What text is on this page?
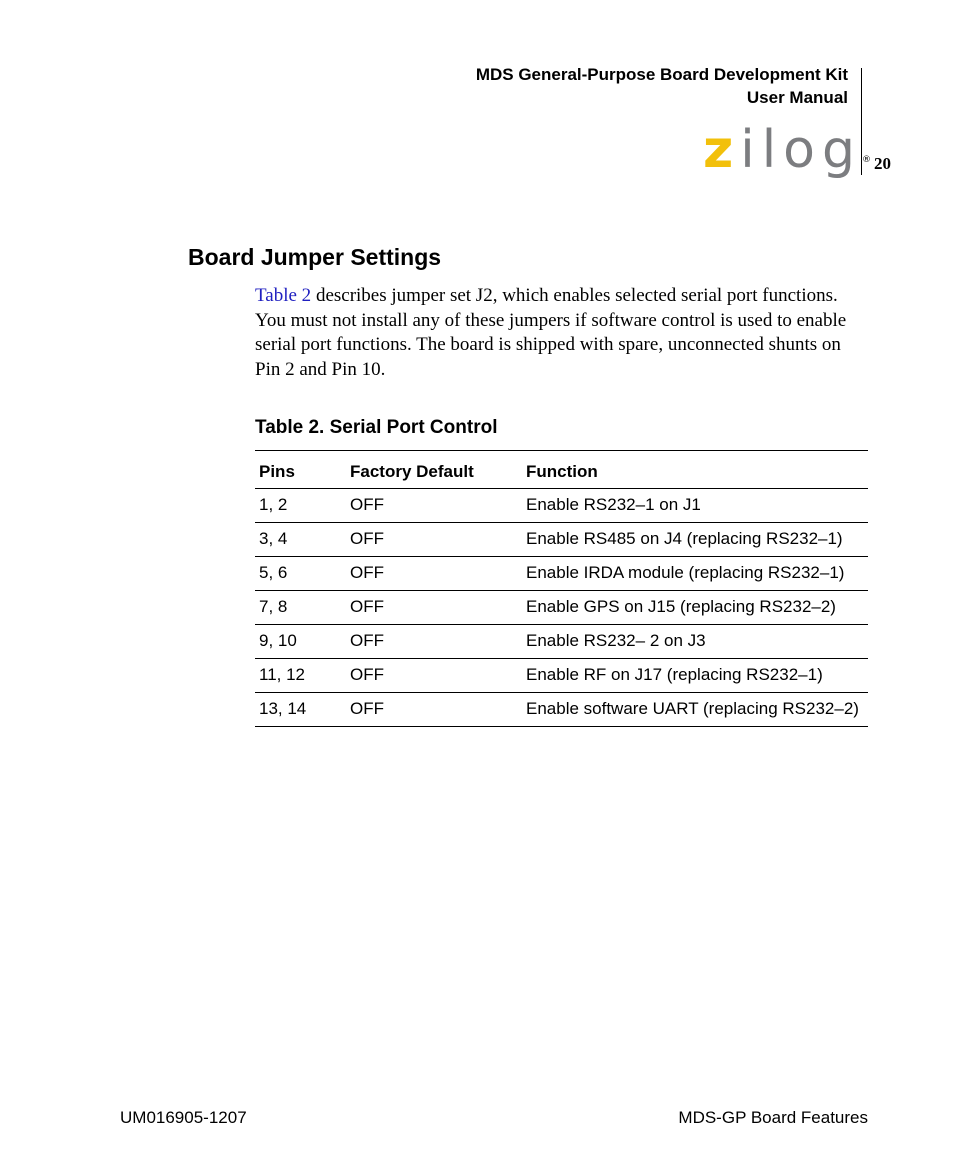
MDS General-Purpose Board Development Kit
User Manual
20
zilog®
Board Jumper Settings

Table 2 describes jumper set J2, which enables selected serial port functions. You must not install any of these jumpers if software control is used to enable serial port functions. The board is shipped with spare, unconnected shunts on Pin 2 and Pin 10.

Table 2. Serial Port Control

Pins	Factory Default	Function
1, 2	OFF	Enable RS232–1 on J1
3, 4	OFF	Enable RS485 on J4 (replacing RS232–1)
5, 6	OFF	Enable IRDA module (replacing RS232–1)
7, 8	OFF	Enable GPS on J15 (replacing RS232–2)
9, 10	OFF	Enable RS232– 2 on J3
11, 12	OFF	Enable RF on J17 (replacing RS232–1)
13, 14	OFF	Enable software UART (replacing RS232–2)
UM016905-1207	MDS-GP Board Features
